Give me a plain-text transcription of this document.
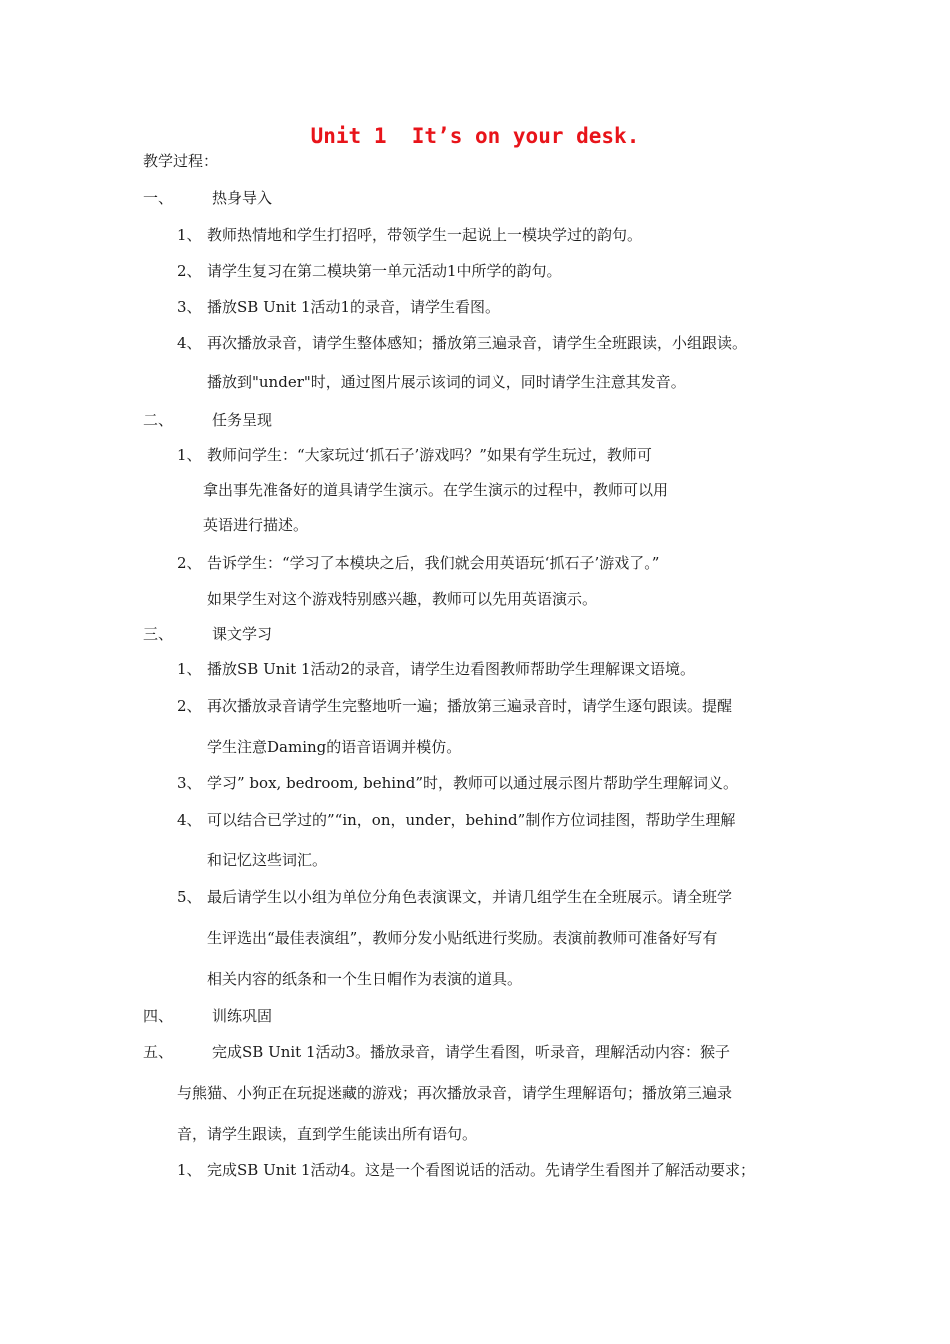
Unit 1  It’s on your desk.
教学过程：
一、	热身导入
1、 教师热情地和学生打招呼，带领学生一起说上一模块学过的韵句。
2、 请学生复习在第二模块第一单元活动1中所学的韵句。
3、 播放SB Unit 1活动1的录音，请学生看图。
4、 再次播放录音，请学生整体感知；播放第三遍录音，请学生全班跟读，小组跟读。
播放到"under"时，通过图片展示该词的词义，同时请学生注意其发音。
二、	任务呈现
1、 教师问学生：“大家玩过‘抓石子’游戏吗？”如果有学生玩过，教师可
拿出事先准备好的道具请学生演示。在学生演示的过程中，教师可以用
英语进行描述。
2、 告诉学生：“学习了本模块之后，我们就会用英语玩‘抓石子’游戏了。”
如果学生对这个游戏特别感兴趣，教师可以先用英语演示。
三、	课文学习
1、 播放SB Unit 1活动2的录音，请学生边看图教师帮助学生理解课文语境。
2、 再次播放录音请学生完整地听一遍；播放第三遍录音时，请学生逐句跟读。提醒
学生注意Daming的语音语调并模仿。
3、 学习” box, bedroom, behind”时，教师可以通过展示图片帮助学生理解词义。
4、 可以结合已学过的”“in，on，under，behind”制作方位词挂图，帮助学生理解
和记忆这些词汇。
5、 最后请学生以小组为单位分角色表演课文，并请几组学生在全班展示。请全班学
生评选出“最佳表演组”，教师分发小贴纸进行奖励。表演前教师可准备好写有
相关内容的纸条和一个生日帽作为表演的道具。
四、	训练巩固
五、	完成SB Unit 1活动3。播放录音，请学生看图，听录音，理解活动内容：猴子
与熊猫、小狗正在玩捉迷藏的游戏；再次播放录音，请学生理解语句；播放第三遍录
音，请学生跟读，直到学生能读出所有语句。
1、 完成SB Unit 1活动4。这是一个看图说话的活动。先请学生看图并了解活动要求；
